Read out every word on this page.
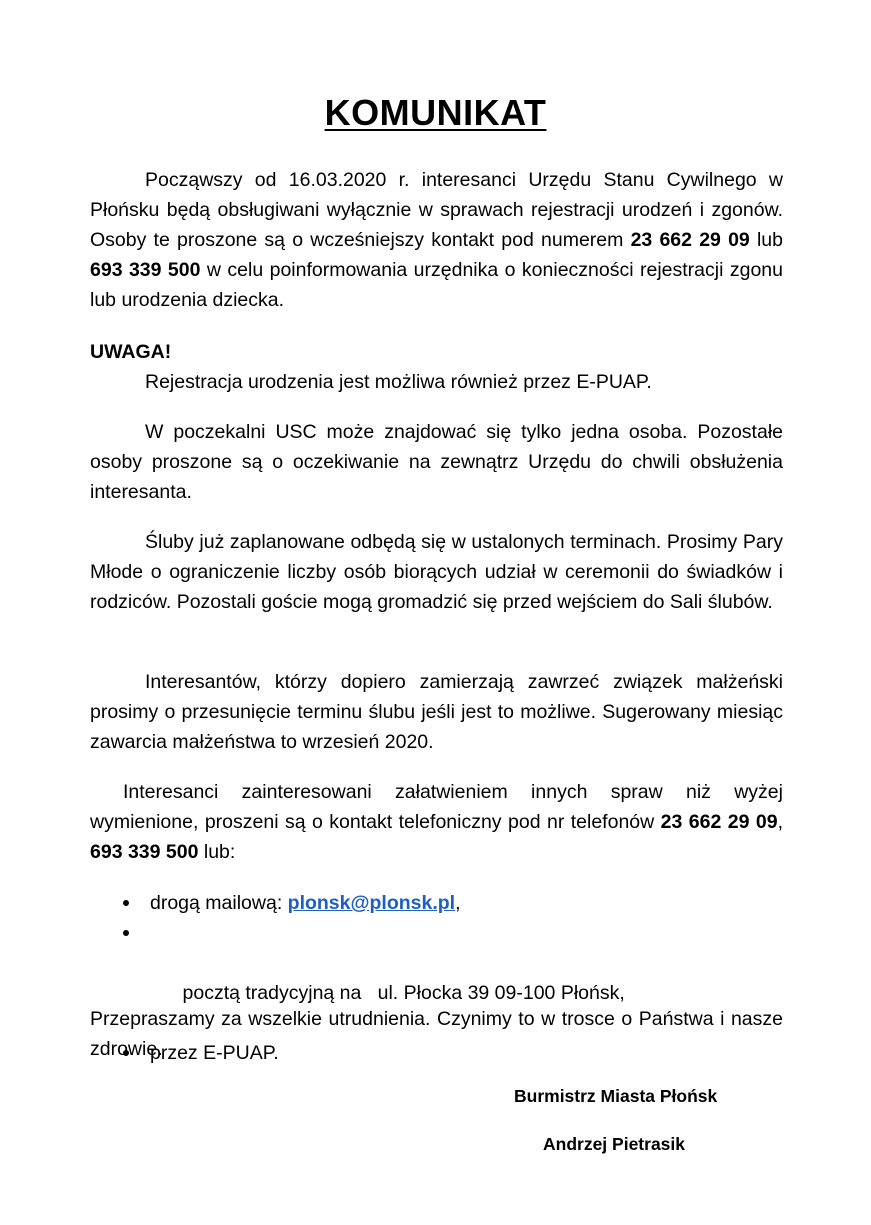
KOMUNIKAT
Począwszy od 16.03.2020 r. interesanci Urzędu Stanu Cywilnego w Płońsku będą obsługiwani wyłącznie w sprawach rejestracji urodzeń i zgonów. Osoby te proszone są o wcześniejszy kontakt pod numerem 23 662 29 09 lub 693 339 500 w celu poinformowania urzędnika o konieczności rejestracji zgonu lub urodzenia dziecka.
UWAGA!
Rejestracja urodzenia jest możliwa również przez E-PUAP.
W poczekalni USC może znajdować się tylko jedna osoba. Pozostałe osoby proszone są o oczekiwanie na zewnątrz Urzędu do chwili obsłużenia interesanta.
Śluby już zaplanowane odbędą się w ustalonych terminach. Prosimy Pary Młode o ograniczenie liczby osób biorących udział w ceremonii do świadków i rodziców. Pozostali goście mogą gromadzić się przed wejściem do Sali ślubów.
Interesantów, którzy dopiero zamierzają zawrzeć związek małżeński prosimy o przesunięcie terminu ślubu jeśli jest to możliwe. Sugerowany miesiąc zawarcia małżeństwa to wrzesień 2020.
Interesanci zainteresowani załatwieniem innych spraw niż wyżej wymienione, proszeni są o kontakt telefoniczny pod nr telefonów 23 662 29 09, 693 339 500 lub:
drogą mailową: plonsk@plonsk.pl,

pocztą tradycyjną na   ul. Płocka 39 09-100 Płońsk,

przez E-PUAP.
Przepraszamy za wszelkie utrudnienia. Czynimy to w trosce o Państwa i nasze zdrowie.
Burmistrz Miasta Płońsk
Andrzej Pietrasik
